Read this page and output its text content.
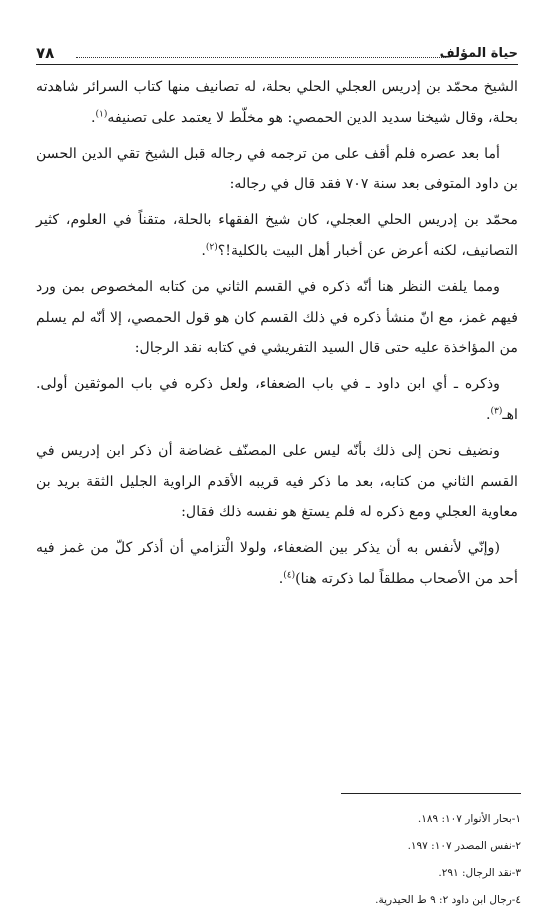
حياة المؤلف
٧٨

الشيخ محمّد بن إدريس العجلي الحلي بحلة، له تصانيف منها كتاب السرائر شاهدته بحلة، وقال شيخنا سديد الدين الحمصي: هو مخلّط لا يعتمد على تصنيفه$^{(١)}$.

أما بعد عصره فلم أقف على من ترجمه في رجاله قبل الشيخ تقي الدين الحسن بن داود المتوفى بعد سنة ٧٠٧ فقد قال في رجاله:

محمّد بن إدريس الحلي العجلي، كان شيخ الفقهاء بالحلة، متقناً في العلوم، كثير التصانيف، لكنه أعرض عن أخبار أهل البيت بالكلية!؟$^{(٢)}$.

ومما يلفت النظر هنا أنّه ذكره في القسم الثاني من كتابه المخصوص بمن ورد فيهم غمز، مع انّ منشأ ذكره في ذلك القسم كان هو قول الحمصي، إلا أنّه لم يسلم من المؤاخذة عليه حتى قال السيد التفريشي في كتابه نقد الرجال:

وذكره ـ أي ابن داود ـ في باب الضعفاء، ولعل ذكره في باب الموثقين أولى. اهـ$^{(٣)}$.

ونضيف نحن إلى ذلك بأنّه ليس على المصنّف غضاضة أن ذكر ابن إدريس في القسم الثاني من كتابه، بعد ما ذكر فيه قريبه الأقدم الراوية الجليل الثقة بريد بن معاوية العجلي ومع ذكره له فلم يستغ هو نفسه ذلك فقال:

(وإنّي لأنفس به أن يذكر بين الضعفاء، ولولا الْتزامي أن أذكر كلّ من غمز فيه أحد من الأصحاب مطلقاً لما ذكرته هنا)$^{(٤)}$.

١-بحار الأنوار ١٠٧: ١٨٩.
٢-نفس المصدر ١٠٧: ١٩٧.
٣-نقد الرجال: ٢٩١.
٤-رجال ابن داود ٢: ٩ ط الحيدرية.
